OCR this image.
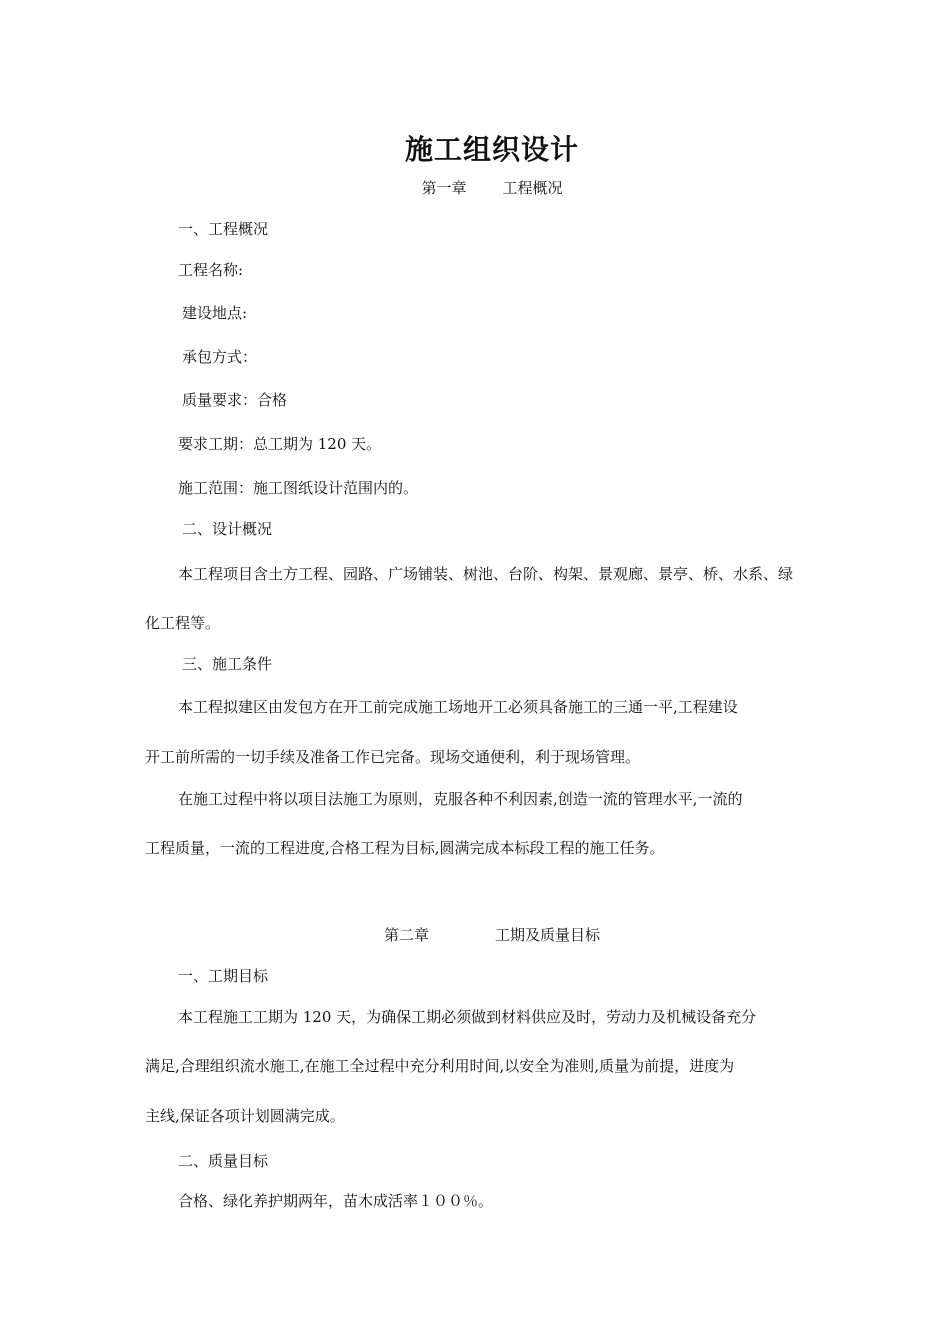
施工组织设计
第一章 工程概况
一、工程概况
工程名称:
建设地点:
承包方式：
质量要求：合格
要求工期：总工期为 120 天。
施工范围：施工图纸设计范围内的。
二、设计概况
本工程项目含土方工程、园路、广场铺装、树池、台阶、构架、景观廊、景亭、桥、水系、绿
化工程等。
三、施工条件
本工程拟建区由发包方在开工前完成施工场地开工必须具备施工的三通一平,工程建设
开工前所需的一切手续及准备工作已完备。现场交通便利，利于现场管理。
在施工过程中将以项目法施工为原则，克服各种不利因素,创造一流的管理水平,一流的
工程质量，一流的工程进度,合格工程为目标,圆满完成本标段工程的施工任务。
第二章	工期及质量目标
一、工期目标
本工程施工工期为 120 天，为确保工期必须做到材料供应及时，劳动力及机械设备充分
满足,合理组织流水施工,在施工全过程中充分利用时间,以安全为准则,质量为前提，进度为
主线,保证各项计划圆满完成。
二、质量目标
合格、绿化养护期两年，苗木成活率１００％。
